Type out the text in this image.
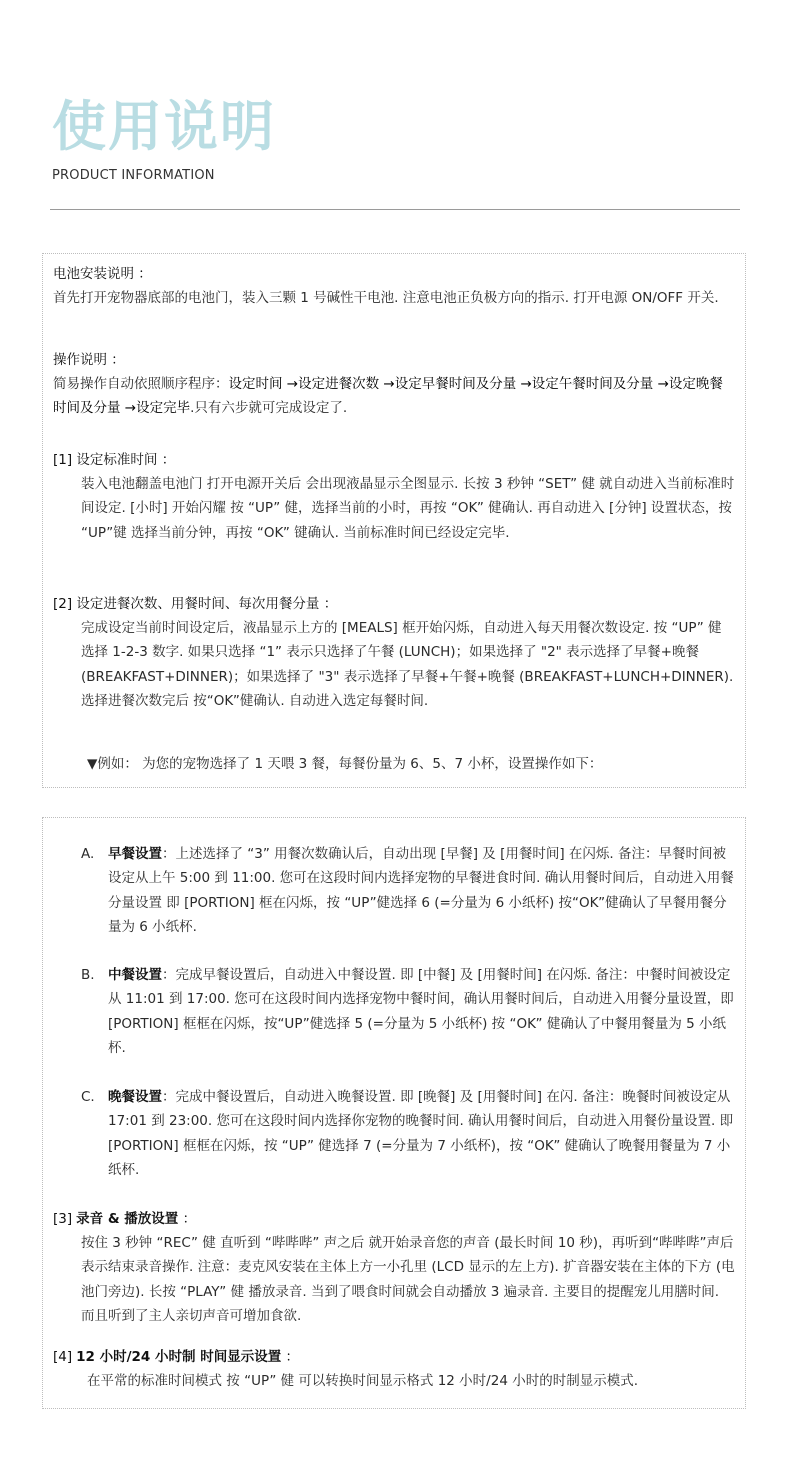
使用说明
PRODUCT INFORMATION

电池安装说明 ：

首先打开宠物器底部的电池门，装入三颗 1 号碱性干电池. 注意电池正负极方向的指示. 打开电源 ON/OFF 开关.

操作说明 ：

简易操作自动依照顺序程序：设定时间 →设定进餐次数 →设定早餐时间及分量 →设定午餐时间及分量 →设定晚餐时间及分量 →设定完毕.只有六步就可完成设定了.

[1] 设定标准时间 ：

装入电池翻盖电池门 打开电源开关后 会出现液晶显示全图显示. 长按 3 秒钟 “SET” 健 就自动进入当前标准时间设定. [小时] 开始闪耀 按 “UP” 健，选择当前的小时，再按 “OK” 健确认. 再自动进入 [分钟] 设置状态，按 “UP”键 选择当前分钟，再按 “OK” 键确认. 当前标准时间已经设定完毕.

[2] 设定进餐次数、用餐时间、每次用餐分量 ：

完成设定当前时间设定后，液晶显示上方的 [MEALS] 框开始闪烁，自动进入每天用餐次数设定. 按 “UP” 健 选择 1-2-3 数字. 如果只选择 “1” 表示只选择了午餐 (LUNCH)；如果选择了 "2" 表示选择了早餐+晚餐 (BREAKFAST+DINNER)；如果选择了 "3" 表示选择了早餐+午餐+晚餐 (BREAKFAST+LUNCH+DINNER). 选择进餐次数完后 按“OK”健确认. 自动进入选定每餐时间.

▼例如： 为您的宠物选择了 1 天喂 3 餐，每餐份量为 6、5、7 小杯，设置操作如下：

A. 早餐设置：上述选择了 “3” 用餐次数确认后，自动出现 [早餐] 及 [用餐时间] 在闪烁. 备注：早餐时间被设定从上午 5:00 到 11:00. 您可在这段时间内选择宠物的早餐进食时间. 确认用餐时间后，自动进入用餐分量设置 即 [PORTION] 框在闪烁，按 “UP”健选择 6 (=分量为 6 小纸杯) 按“OK”健确认了早餐用餐分量为 6 小纸杯.

B. 中餐设置：完成早餐设置后，自动进入中餐设置. 即 [中餐] 及 [用餐时间] 在闪烁. 备注：中餐时间被设定从 11:01 到 17:00. 您可在这段时间内选择宠物中餐时间，确认用餐时间后，自动进入用餐分量设置，即 [PORTION] 框框在闪烁，按“UP”健选择 5 (=分量为 5 小纸杯) 按 “OK” 健确认了中餐用餐量为 5 小纸杯.

C. 晚餐设置：完成中餐设置后，自动进入晚餐设置. 即 [晚餐] 及 [用餐时间] 在闪. 备注：晚餐时间被设定从 17:01 到 23:00. 您可在这段时间内选择你宠物的晚餐时间. 确认用餐时间后，自动进入用餐份量设置. 即 [PORTION] 框框在闪烁，按 “UP” 健选择 7 (=分量为 7 小纸杯)，按 “OK” 健确认了晚餐用餐量为 7 小纸杯.

[3] 录音 & 播放设置 ：

按住 3 秒钟 “REC” 健 直听到 “哔哔哔” 声之后 就开始录音您的声音 (最长时间 10 秒)，再听到“哔哔哔”声后表示结束录音操作. 注意：麦克风安装在主体上方一小孔里 (LCD 显示的左上方). 扩音器安装在主体的下方 (电池门旁边). 长按 “PLAY” 健 播放录音. 当到了喂食时间就会自动播放 3 遍录音. 主要目的提醒宠儿用膳时间. 而且听到了主人亲切声音可增加食欲.

[4] 12 小时/24 小时制 时间显示设置 ：

在平常的标准时间模式 按 “UP” 健 可以转换时间显示格式 12 小时/24 小时的时制显示模式.
